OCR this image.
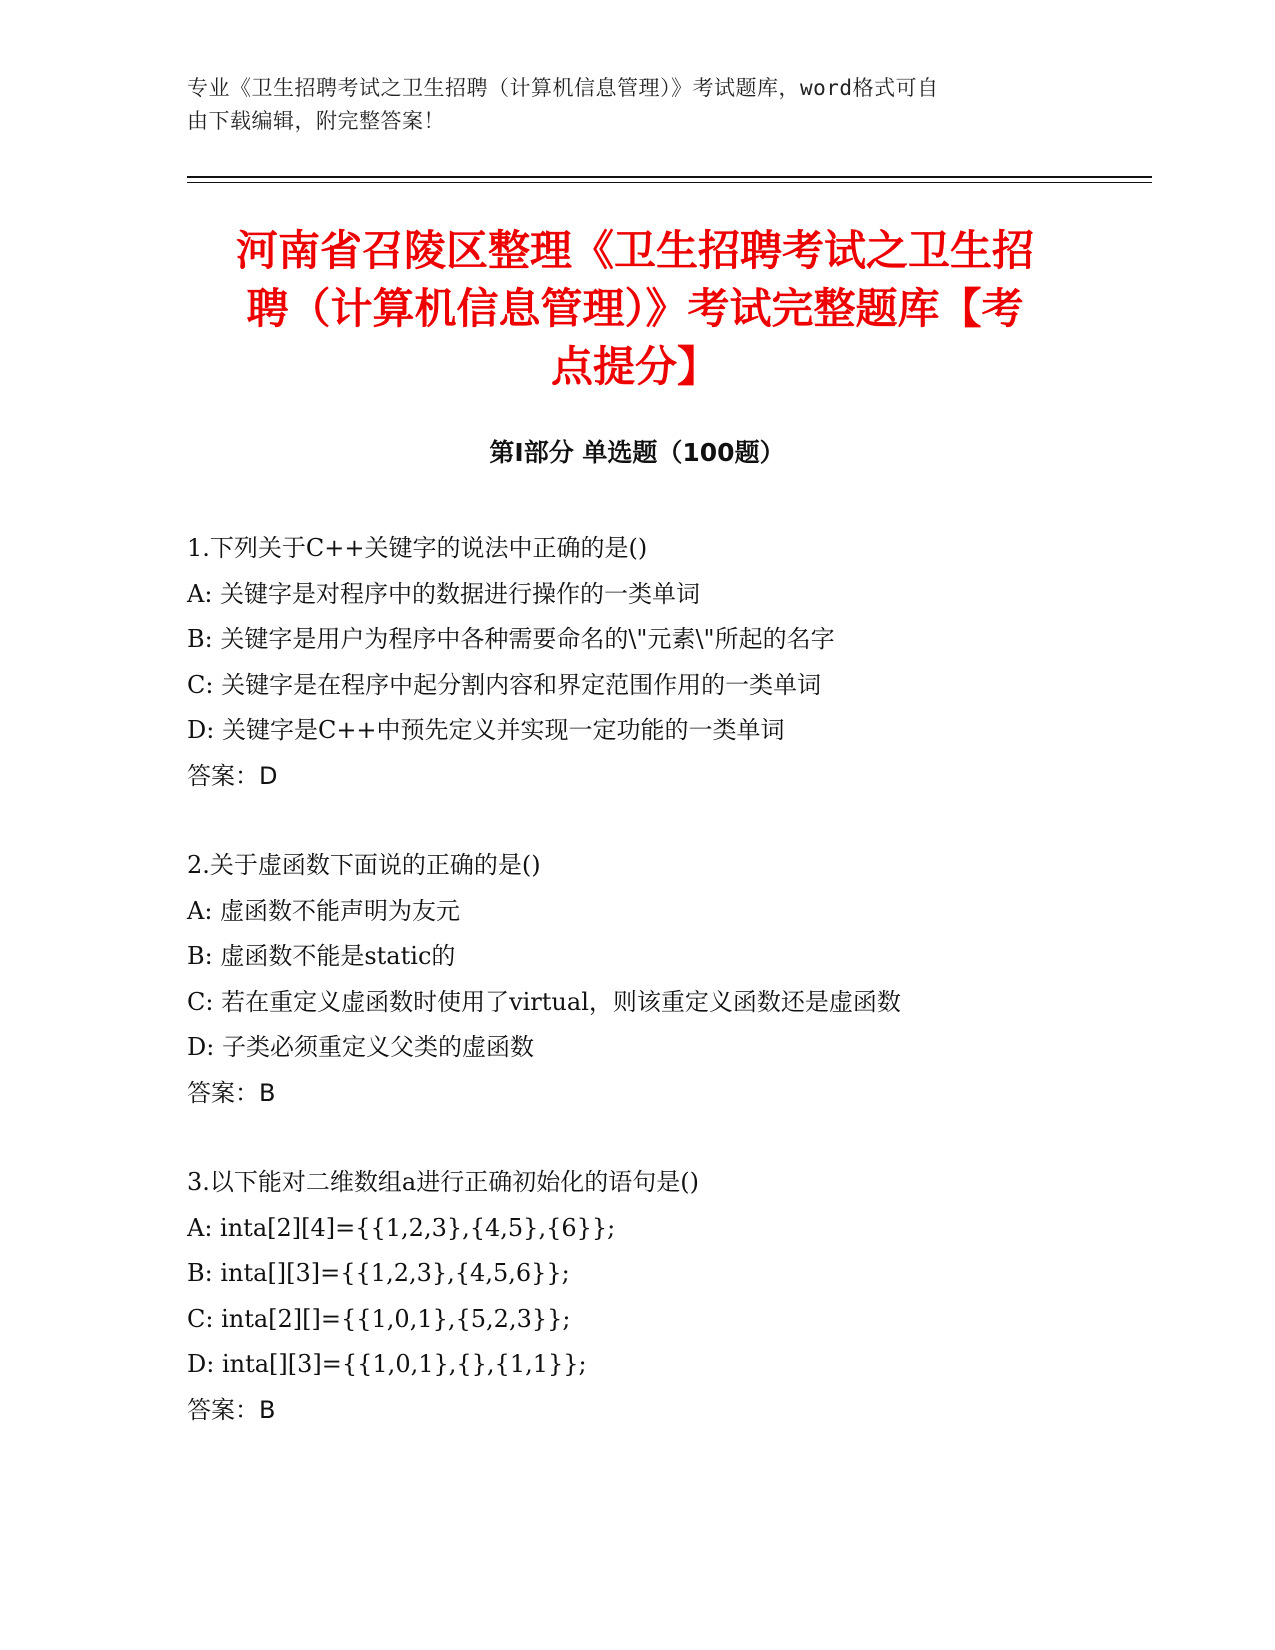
专业《卫生招聘考试之卫生招聘（计算机信息管理）》考试题库，word格式可自
由下载编辑，附完整答案！
河南省召陵区整理《卫生招聘考试之卫生招
聘（计算机信息管理）》考试完整题库【考
点提分】
第Ⅰ部分 单选题（100题）
1.下列关于C++关键字的说法中正确的是()
A: 关键字是对程序中的数据进行操作的一类单词
B: 关键字是用户为程序中各种需要命名的\"元素\"所起的名字
C: 关键字是在程序中起分割内容和界定范围作用的一类单词
D: 关键字是C++中预先定义并实现一定功能的一类单词
答案：D
2.关于虚函数下面说的正确的是()
A: 虚函数不能声明为友元
B: 虚函数不能是static的
C: 若在重定义虚函数时使用了virtual，则该重定义函数还是虚函数
D: 子类必须重定义父类的虚函数
答案：B
3.以下能对二维数组a进行正确初始化的语句是()
A: inta[2][4]={{1,2,3},{4,5},{6}};
B: inta[][3]={{1,2,3},{4,5,6}};
C: inta[2][]={{1,0,1},{5,2,3}};
D: inta[][3]={{1,0,1},{},{1,1}};
答案：B
